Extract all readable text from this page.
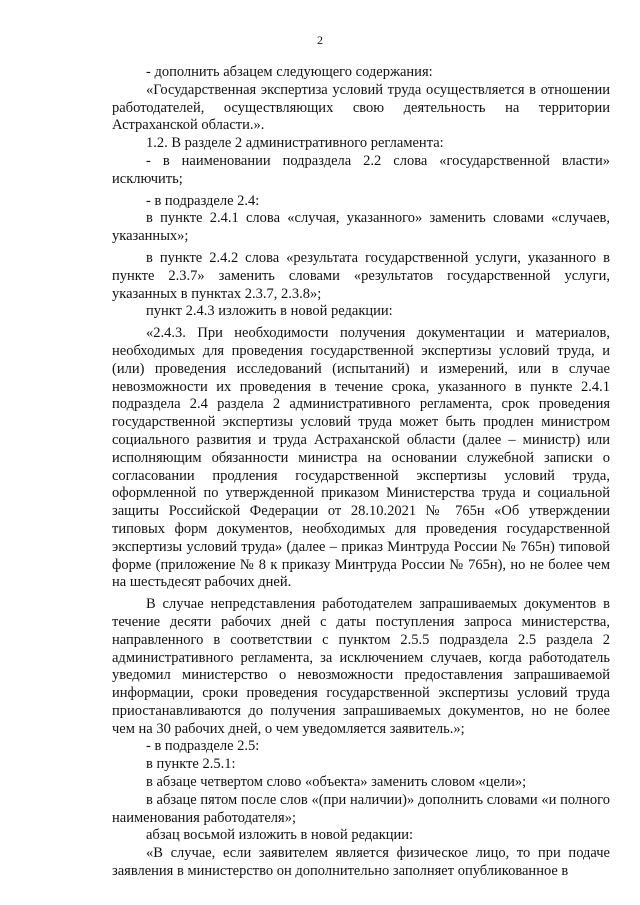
2

- дополнить абзацем следующего содержания:

«Государственная экспертиза условий труда осуществляется в отношении работодателей, осуществляющих свою деятельность на территории Астраханской области.».

1.2. В разделе 2 административного регламента:

- в наименовании подраздела 2.2 слова «государственной власти» исключить;

- в подразделе 2.4:

в пункте 2.4.1 слова «случая, указанного» заменить словами «случаев, указанных»;

в пункте 2.4.2 слова «результата государственной услуги, указанного в пункте 2.3.7» заменить словами «результатов государственной услуги, указанных в пунктах 2.3.7, 2.3.8»;

пункт 2.4.3 изложить в новой редакции:

«2.4.3. При необходимости получения документации и материалов, необходимых для проведения государственной экспертизы условий труда, и (или) проведения исследований (испытаний) и измерений, или в случае невозможности их проведения в течение срока, указанного в пункте 2.4.1 подраздела 2.4 раздела 2 административного регламента, срок проведения государственной экспертизы условий труда может быть продлен министром социального развития и труда Астраханской области (далее – министр) или исполняющим обязанности министра на основании служебной записки о согласовании продления государственной экспертизы условий труда, оформленной по утвержденной приказом Министерства труда и социальной защиты Российской Федерации от 28.10.2021 № 765н «Об утверждении типовых форм документов, необходимых для проведения государственной экспертизы условий труда» (далее – приказ Минтруда России № 765н) типовой форме (приложение № 8 к приказу Минтруда России № 765н), но не более чем на шестьдесят рабочих дней.

В случае непредставления работодателем запрашиваемых документов в течение десяти рабочих дней с даты поступления запроса министерства, направленного в соответствии с пунктом 2.5.5 подраздела 2.5 раздела 2 административного регламента, за исключением случаев, когда работодатель уведомил министерство о невозможности предоставления запрашиваемой информации, сроки проведения государственной экспертизы условий труда приостанавливаются до получения запрашиваемых документов, но не более чем на 30 рабочих дней, о чем уведомляется заявитель.»;

- в подразделе 2.5:

в пункте 2.5.1:

в абзаце четвертом слово «объекта» заменить словом «цели»;

в абзаце пятом после слов «(при наличии)» дополнить словами «и полного наименования работодателя»;

абзац восьмой изложить в новой редакции:

«В случае, если заявителем является физическое лицо, то при подаче заявления в министерство он дополнительно заполняет опубликованное в
